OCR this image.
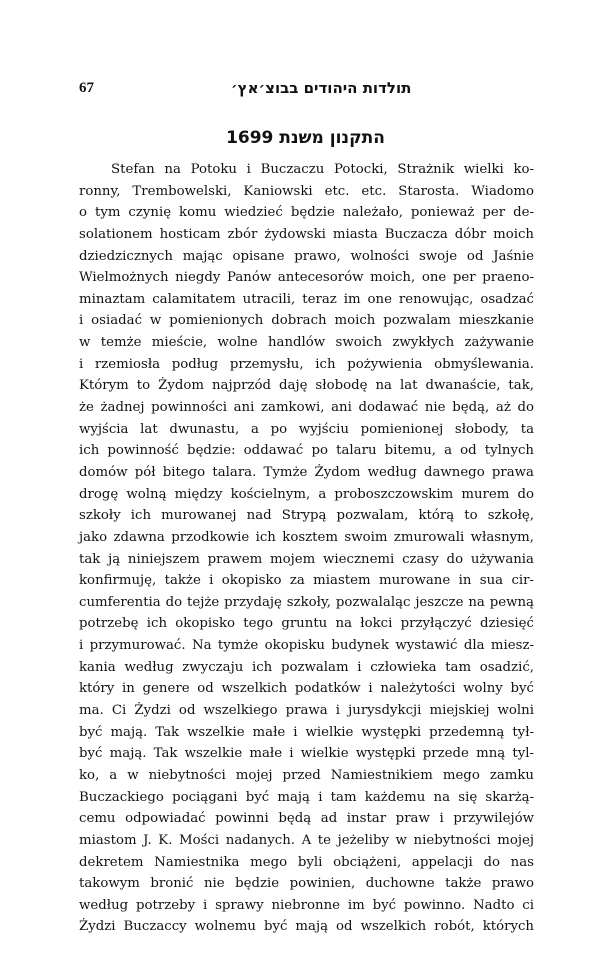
67	תולדות היהודים בבוצ׳אץ׳
התקנון משנת 1699
Stefan na Potoku i Buczaczu Potocki, Strażnik wielki ko-
ronny, Trembowelski, Kaniowski etc. etc. Starosta. Wiadomo
o tym czynię komu wiedzieć będzie należało, ponieważ per de-
solationem hosticam zbór żydowski miasta Buczacza dóbr moich
dziedzicznych mając opisane prawo, wolności swoje od Jaśnie
Wielmożnych niegdy Panów antecesorów moich, one per praeno-
minaztam calamitatem utracili, teraz im one renowując, osadzać
i osiadać w pomienionych dobrach moich pozwalam mieszkanie
w temże mieście, wolne handlów swoich zwykłych zażywanie
i rzemiosła podług przemysłu, ich pożywienia obmyślewania.
Którym to Żydom najprzód daję słobodę na lat dwanaście, tak,
że żadnej powinności ani zamkowi, ani dodawać nie będą, aż do
wyjścia lat dwunastu, a po wyjściu pomienionej słobody, ta
ich powinność będzie: oddawać po talaru bitemu, a od tylnych
domów pół bitego talara. Tymże Żydom według dawnego prawa
drogę wolną między kościelnym, a proboszczowskim murem do
szkoły ich murowanej nad Strypą pozwalam, którą to szkołę,
jako zdawna przodkowie ich kosztem swoim zmurowali własnym,
tak ją niniejszem prawem mojem wiecznemi czasy do używania
konfirmuję, także i okopisko za miastem murowane in sua cir-
cumferentia do tejże przydaję szkoły, pozwalaląc jeszcze na pewną
potrzebę ich okopisko tego gruntu na łokci przyłączyć dziesięć
i przymurować. Na tymże okopisku budynek wystawić dla miesz-
kania według zwyczaju ich pozwalam i człowieka tam osadzić,
który in genere od wszelkich podatków i należytości wolny być
ma. Ci Żydzi od wszelkiego prawa i jurysdykcji miejskiej wolni
być mają. Tak wszelkie małe i wielkie występki przedemną tył-
być mają. Tak wszelkie małe i wielkie występki przede mną tyl-
ko, a w niebytności mojej przed Namiestnikiem mego zamku
Buczackiego pociągani być mają i tam każdemu na się skarżą-
cemu odpowiadać powinni będą ad instar praw i przywilejów
miastom J. K. Mości nadanych. A te jeżeliby w niebytności mojej
dekretem Namiestnika mego byli obciążeni, appelacji do nas
takowym bronić nie będzie powinien, duchowne także prawo
według potrzeby i sprawy niebronne im być powinno. Nadto ci
Żydzi Buczaccy wolnemu być mają od wszelkich robót, których
